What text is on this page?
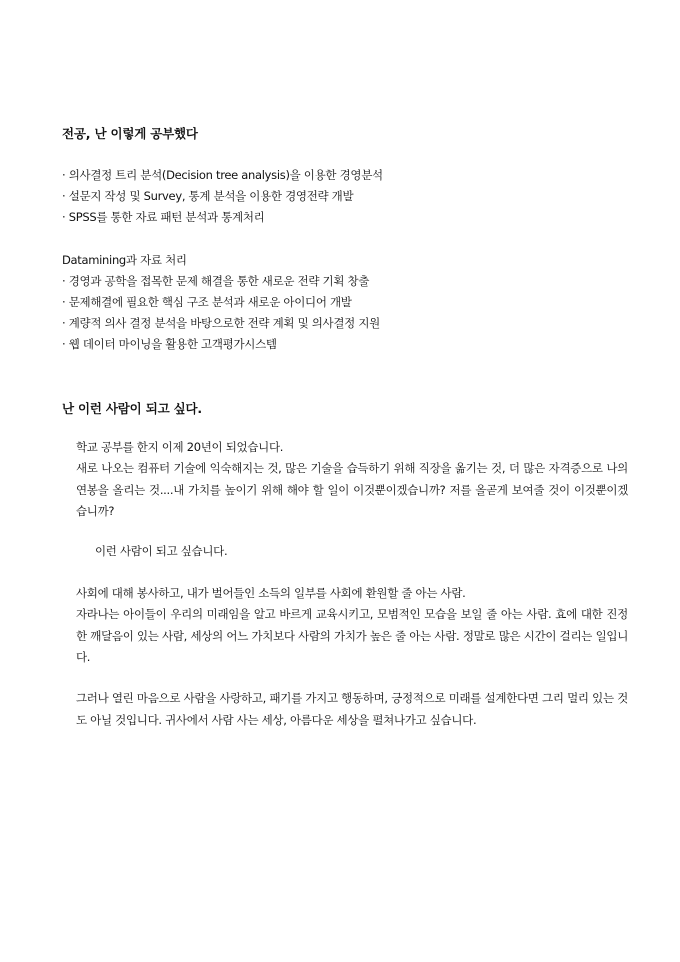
전공, 난 이렇게 공부했다
· 의사결정 트리 분석(Decision tree analysis)을 이용한 경영분석
· 설문지 작성 및 Survey, 통계 분석을 이용한 경영전략 개발
· SPSS를 통한 자료 패턴 분석과 통계처리
Datamining과 자료 처리
· 경영과 공학을 접목한 문제 해결을 통한 새로운 전략 기획 창출
· 문제해결에 필요한 핵심 구조 분석과 새로운 아이디어 개발
· 계량적 의사 결정 분석을 바탕으로한 전략 계획 및 의사결정 지원
· 웹 데이터 마이닝을 활용한 고객평가시스템
난 이런 사람이 되고 싶다.

학교 공부를 한지 이제 20년이 되었습니다.

새로 나오는 컴퓨터 기술에 익숙해지는 것, 많은 기술을 습득하기 위해 직장을 옮기는 것, 더 많은 자격증으로 나의 연봉을 올리는 것....내 가치를 높이기 위해 해야 할 일이 이것뿐이겠습니까? 저를 올곧게 보여줄 것이 이것뿐이겠습니까?

이런 사람이 되고 싶습니다.

사회에 대해 봉사하고, 내가 벌어들인 소득의 일부를 사회에 환원할 줄 아는 사람.

자라나는 아이들이 우리의 미래임을 알고 바르게 교육시키고, 모범적인 모습을 보일 줄 아는 사람. 효에 대한 진정한 깨달음이 있는 사람, 세상의 어느 가치보다 사람의 가치가 높은 줄 아는 사람. 정말로 많은 시간이 걸리는 일입니다.

그러나 열린 마음으로 사람을 사랑하고, 패기를 가지고 행동하며, 긍정적으로 미래를 설계한다면 그리 멀리 있는 것도 아닐 것입니다. 귀사에서 사람 사는 세상, 아름다운 세상을 펼쳐나가고 싶습니다.
